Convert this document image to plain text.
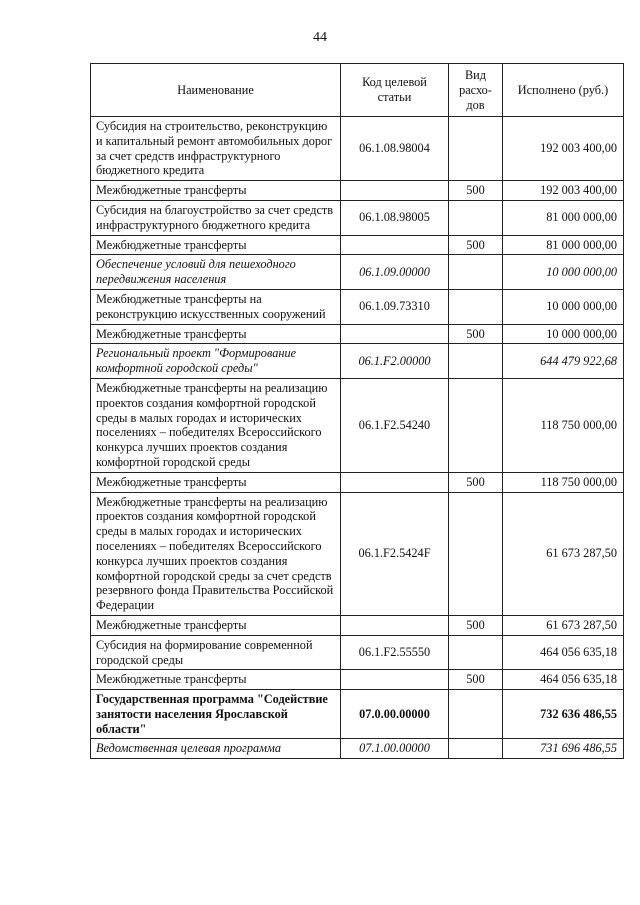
44
Наименование	Код целевой статьи	Вид расхо-дов	Исполнено (руб.)
Субсидия на строительство, реконструкцию и капитальный ремонт автомобильных дорог за счет средств инфраструктурного бюджетного кредита	06.1.08.98004		192 003 400,00
Межбюджетные трансферты		500	192 003 400,00
Субсидия на благоустройство за счет средств инфраструктурного бюджетного кредита	06.1.08.98005		81 000 000,00
Межбюджетные трансферты		500	81 000 000,00
Обеспечение условий для пешеходного передвижения населения	06.1.09.00000		10 000 000,00
Межбюджетные трансферты на реконструкцию искусственных сооружений	06.1.09.73310		10 000 000,00
Межбюджетные трансферты		500	10 000 000,00
Региональный проект "Формирование комфортной городской среды"	06.1.F2.00000		644 479 922,68
Межбюджетные трансферты на реализацию проектов создания комфортной городской среды в малых городах и исторических поселениях – победителях Всероссийского конкурса лучших проектов создания комфортной городской среды	06.1.F2.54240		118 750 000,00
Межбюджетные трансферты		500	118 750 000,00
Межбюджетные трансферты на реализацию проектов создания комфортной городской среды в малых городах и исторических поселениях – победителях Всероссийского конкурса лучших проектов создания комфортной городской среды за счет средств резервного фонда Правительства Российской Федерации	06.1.F2.5424F		61 673 287,50
Межбюджетные трансферты		500	61 673 287,50
Субсидия на формирование современной городской среды	06.1.F2.55550		464 056 635,18
Межбюджетные трансферты		500	464 056 635,18
Государственная программа "Содействие занятости населения Ярославской области"	07.0.00.00000		732 636 486,55
Ведомственная целевая программа	07.1.00.00000		731 696 486,55
